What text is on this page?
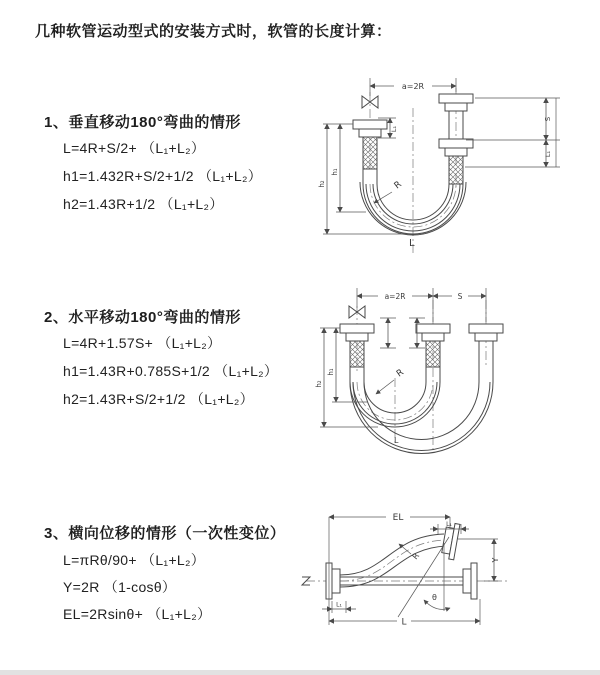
几种软管运动型式的安装方式时，软管的长度计算：
1、垂直移动180°弯曲的情形
L=4R+S/2+ （L₁+L₂）
h1=1.432R+S/2+1/2 （L₁+L₂）
h2=1.43R+1/2 （L₁+L₂）
2、水平移动180°弯曲的情形
L=4R+1.57S+ （L₁+L₂）
h1=1.43R+0.785S+1/2 （L₁+L₂）
h2=1.43R+S/2+1/2 （L₁+L₂）
3、横向位移的情形（一次性变位）
L=πRθ/90+ （L₁+L₂）
Y=2R （1-cosθ）
EL=2Rsinθ+ （L₁+L₂）
a=2R
L₁
h₂
h₁
S
L₁
R
L
a=2R	S
h₂
h₁	R
L
θ
EL
L₁
Y
R
L
L₁
